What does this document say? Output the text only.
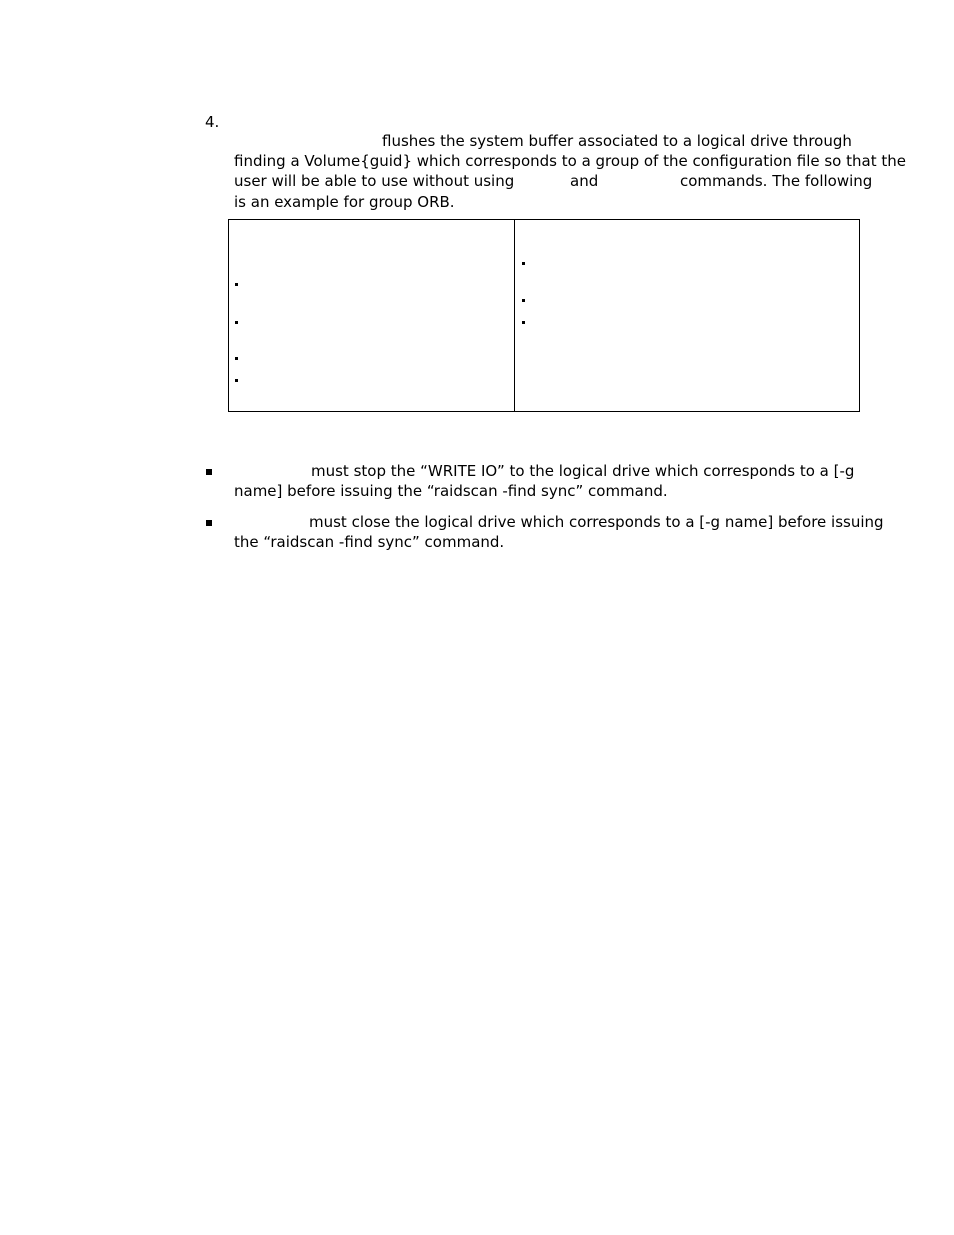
4.
flushes the system buffer associated to a logical drive through
finding a Volume{guid} which corresponds to a group of the configuration file so that the
user will be able to use without using	and	commands. The following
is an example for group ORB.
must stop the “WRITE IO” to the logical drive which corresponds to a [-g
name] before issuing the “raidscan -find sync” command.
must close the logical drive which corresponds to a [-g name] before issuing
the “raidscan -find sync” command.
